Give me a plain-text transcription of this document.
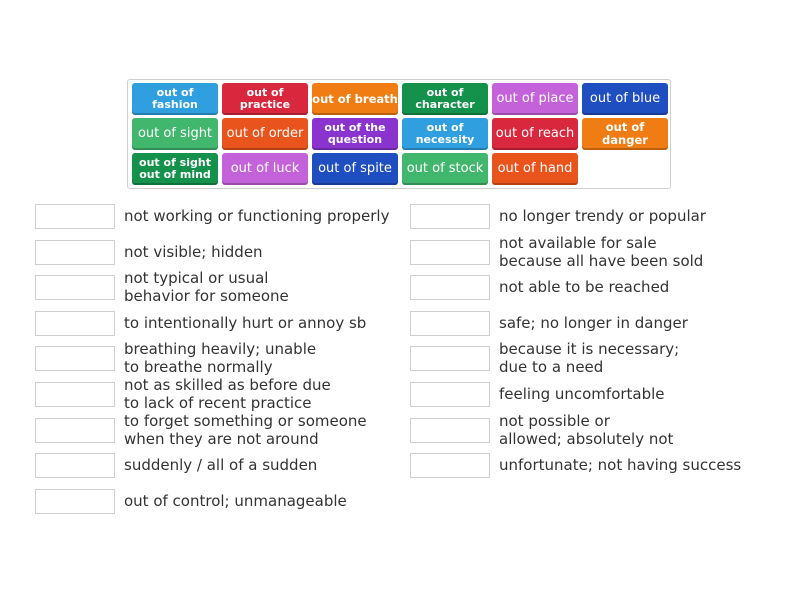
out of
fashion
out of
practice out of breath	out of
character out of place out of blue
out of sight out of order out of the
question
out of
necessity out of reach	out of danger
out of sight
out of mind out of luck out of spite out of stock out of hand
not working or functioning properly
not visible; hidden
not typical or usual
behavior for someone
to intentionally hurt or annoy sb
breathing heavily; unable
to breathe normally
not as skilled as before due
to lack of recent practice
to forget something or someone
when they are not around
suddenly / all of a sudden
out of control; unmanageable
no longer trendy or popular
not available for sale
because all have been sold
not able to be reached
safe; no longer in danger
because it is necessary;
due to a need
feeling uncomfortable
not possible or
allowed; absolutely not
unfortunate; not having success
